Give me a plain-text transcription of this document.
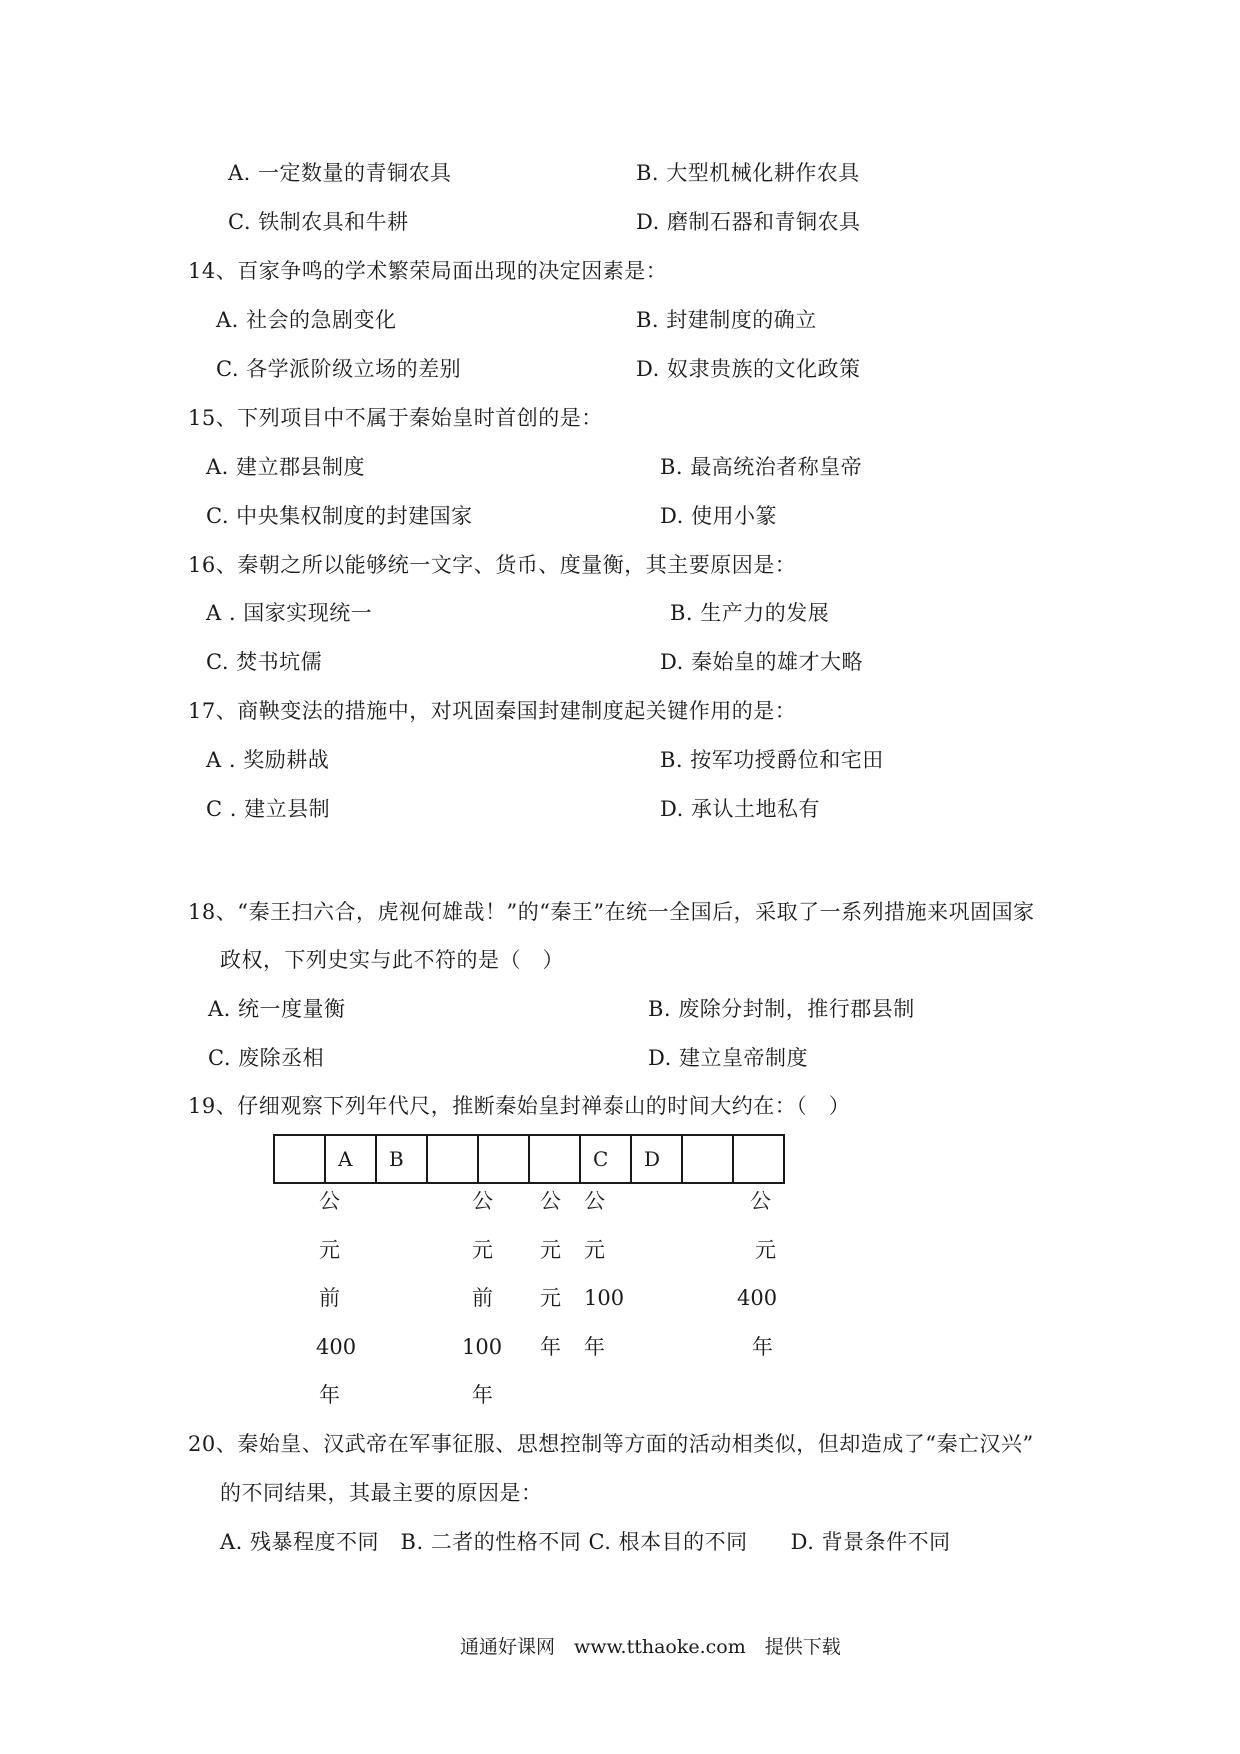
A. 一定数量的青铜农具	B. 大型机械化耕作农具
C. 铁制农具和牛耕	D. 磨制石器和青铜农具
14、百家争鸣的学术繁荣局面出现的决定因素是：
A. 社会的急剧变化	B. 封建制度的确立
C. 各学派阶级立场的差别	D. 奴隶贵族的文化政策
15、下列项目中不属于秦始皇时首创的是：
A. 建立郡县制度	B. 最高统治者称皇帝
C. 中央集权制度的封建国家	D. 使用小篆
16、秦朝之所以能够统一文字、货币、度量衡，其主要原因是：
A . 国家实现统一	B. 生产力的发展
C. 焚书坑儒	D. 秦始皇的雄才大略
17、商鞅变法的措施中，对巩固秦国封建制度起关键作用的是：
A . 奖励耕战	B. 按军功授爵位和宅田
C . 建立县制	D. 承认土地私有
18、“秦王扫六合，虎视何雄哉！”的“秦王”在统一全国后，采取了一系列措施来巩固国家
政权，下列史实与此不符的是（　）
A. 统一度量衡	B. 废除分封制，推行郡县制
C. 废除丞相	D. 建立皇帝制度
19、仔细观察下列年代尺，推断秦始皇封禅泰山的时间大约在：（　）
A	B	C	D
公
元
前
400
年
公
元
前
100
年
公
元
元
年
公
元
100
年
公
元
400
年
20、秦始皇、汉武帝在军事征服、思想控制等方面的活动相类似，但却造成了“秦亡汉兴”
的不同结果，其最主要的原因是：
A. 残暴程度不同　B. 二者的性格不同 C. 根本目的不同　　D. 背景条件不同
通通好课网　www.tthaoke.com　提供下载
